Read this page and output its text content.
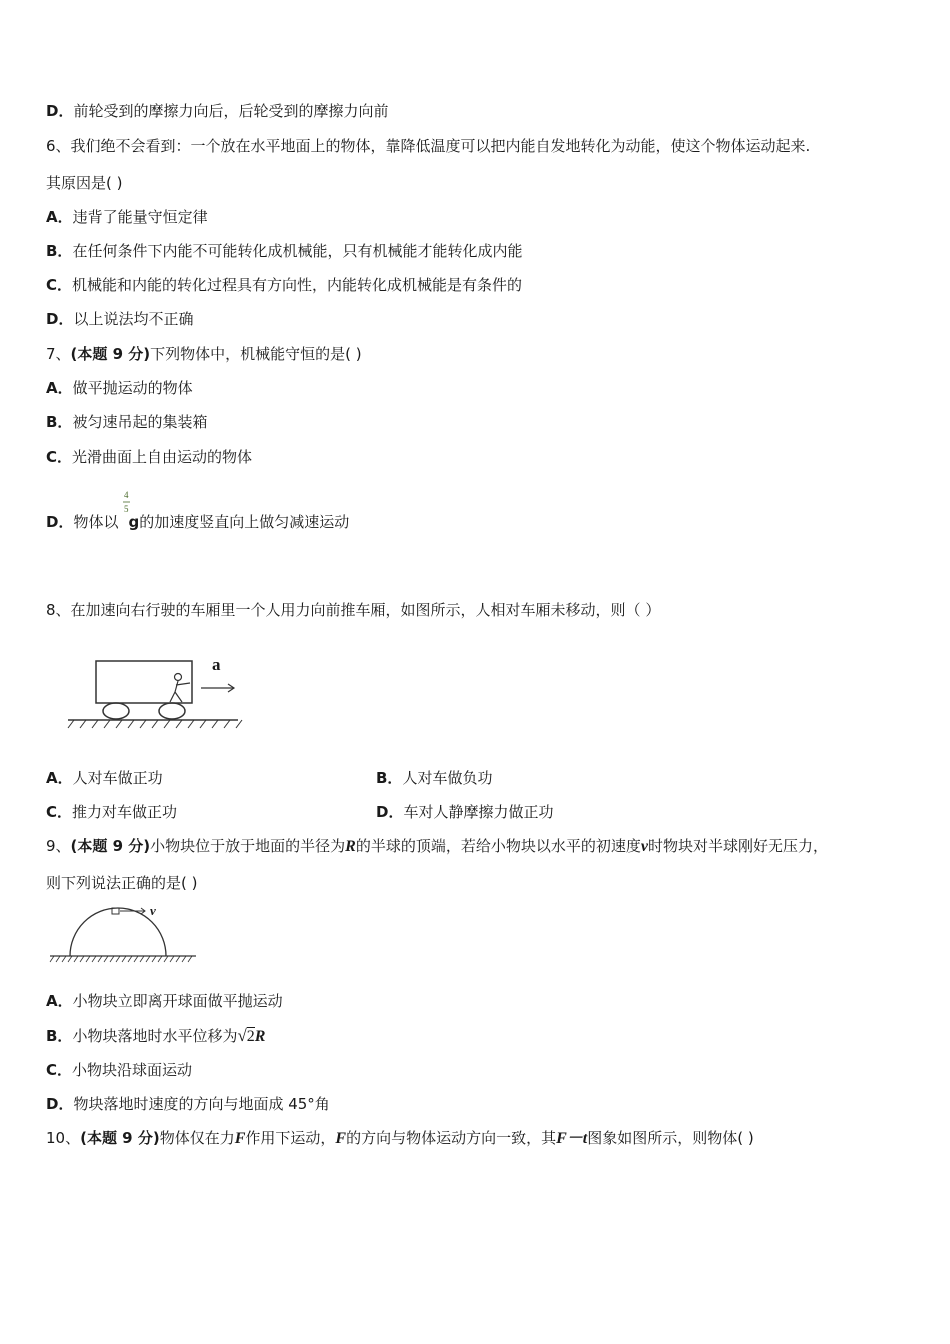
D．前轮受到的摩擦力向后，后轮受到的摩擦力向前
6、我们绝不会看到：一个放在水平地面上的物体，靠降低温度可以把内能自发地转化为动能，使这个物体运动起来.
其原因是( )
A．违背了能量守恒定律
B．在任何条件下内能不可能转化成机械能，只有机械能才能转化成内能
C．机械能和内能的转化过程具有方向性，内能转化成机械能是有条件的
D．以上说法均不正确
7、(本题 9 分)下列物体中，机械能守恒的是( )
A．做平抛运动的物体
B．被匀速吊起的集装箱
C．光滑曲面上自由运动的物体
4
5
D．物体以 g的加速度竖直向上做匀减速运动
8、在加速向右行驶的车厢里一个人用力向前推车厢，如图所示，人相对车厢未移动，则（ ）
a
A．人对车做正功	B．人对车做负功
C．推力对车做正功	D．车对人静摩擦力做正功
9、(本题 9 分)小物块位于放于地面的半径为R的半球的顶端，若给小物块以水平的初速度v时物块对半球刚好无压力，
则下列说法正确的是( )
v
A．小物块立即离开球面做平抛运动
B．小物块落地时水平位移为√2R
C．小物块沿球面运动
D．物块落地时速度的方向与地面成 45°角
10、(本题 9 分)物体仅在力F作用下运动，F的方向与物体运动方向一致，其F－t图象如图所示，则物体( )
